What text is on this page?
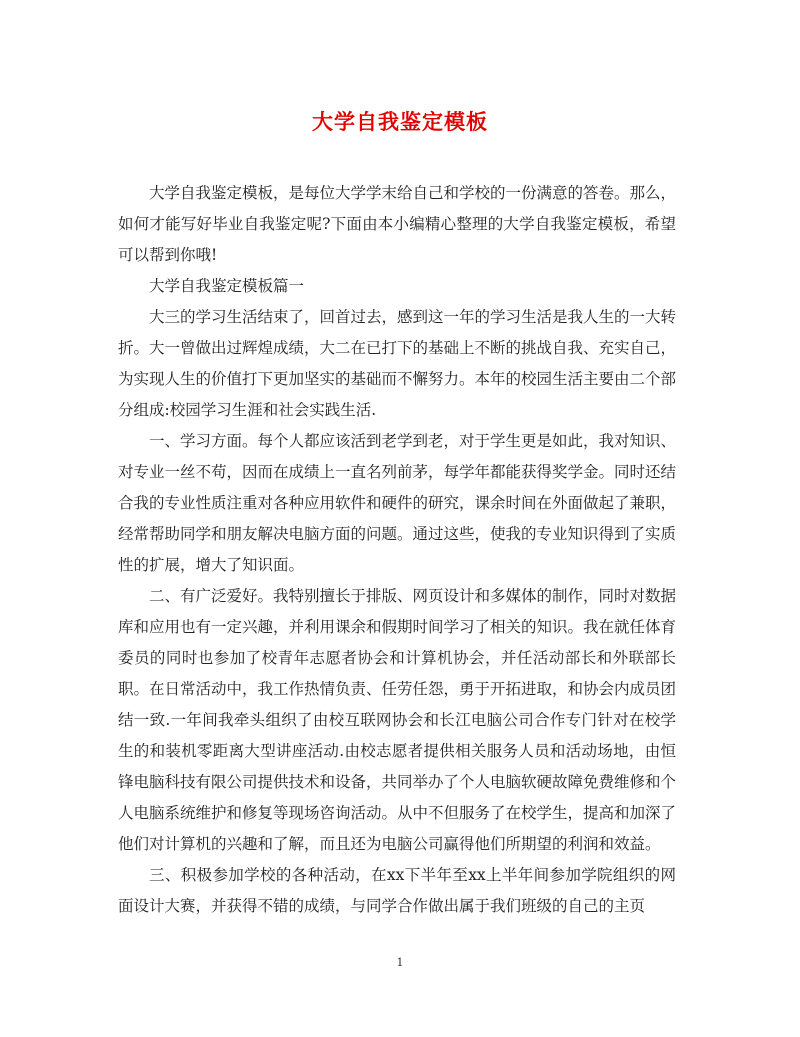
大学自我鉴定模板

大学自我鉴定模板，是每位大学学末给自己和学校的一份满意的答卷。那么，如何才能写好毕业自我鉴定呢?下面由本小编精心整理的大学自我鉴定模板，希望可以帮到你哦!

大学自我鉴定模板篇一

大三的学习生活结束了，回首过去，感到这一年的学习生活是我人生的一大转折。大一曾做出过辉煌成绩，大二在已打下的基础上不断的挑战自我、充实自己，为实现人生的价值打下更加坚实的基础而不懈努力。本年的校园生活主要由二个部分组成:校园学习生涯和社会实践生活.

一、学习方面。每个人都应该活到老学到老，对于学生更是如此，我对知识、对专业一丝不苟，因而在成绩上一直名列前茅，每学年都能获得奖学金。同时还结合我的专业性质注重对各种应用软件和硬件的研究，课余时间在外面做起了兼职，经常帮助同学和朋友解决电脑方面的问题。通过这些，使我的专业知识得到了实质性的扩展，增大了知识面。

二、有广泛爱好。我特别擅长于排版、网页设计和多媒体的制作，同时对数据库和应用也有一定兴趣，并利用课余和假期时间学习了相关的知识。我在就任体育委员的同时也参加了校青年志愿者协会和计算机协会，并任活动部长和外联部长职。在日常活动中，我工作热情负责、任劳任怨，勇于开拓进取，和协会内成员团结一致.一年间我牵头组织了由校互联网协会和长江电脑公司合作专门针对在校学生的和装机零距离大型讲座活动.由校志愿者提供相关服务人员和活动场地，由恒锋电脑科技有限公司提供技术和设备，共同举办了个人电脑软硬故障免费维修和个人电脑系统维护和修复等现场咨询活动。从中不但服务了在校学生，提高和加深了他们对计算机的兴趣和了解，而且还为电脑公司赢得他们所期望的利润和效益。

三、积极参加学校的各种活动，在xx下半年至xx上半年间参加学院组织的网面设计大赛，并获得不错的成绩，与同学合作做出属于我们班级的自己的主页

1
